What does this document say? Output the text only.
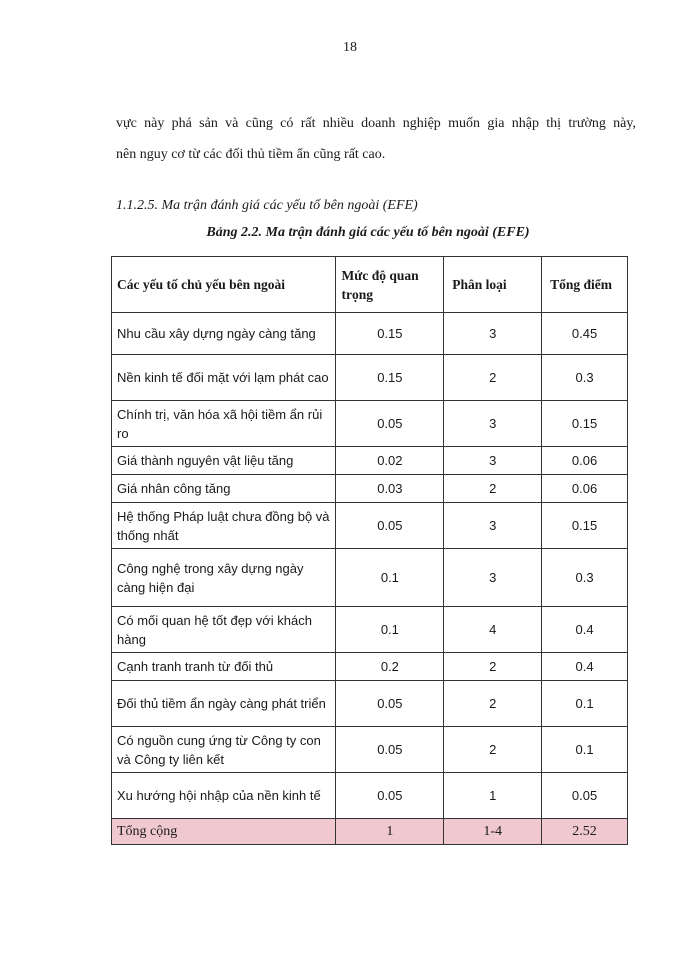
18

vực này phá sản và cũng có rất nhiều doanh nghiệp muốn gia nhập thị trường này,

nên nguy cơ từ các đối thủ tiềm ẩn cũng rất cao.

1.1.2.5. Ma trận đánh giá các yếu tố bên ngoài (EFE)
Bảng 2.2. Ma trận đánh giá các yếu tố bên ngoài (EFE)
Các yếu tố chủ yếu bên ngoài	Mức độ quan trọng	Phân loại	Tổng điểm
Nhu cầu xây dựng ngày càng tăng	0.15	3	0.45
Nền kinh tế đối mặt với lạm phát cao	0.15	2	0.3
Chính trị, văn hóa xã hội tiềm ẩn rủi ro	0.05	3	0.15
Giá thành nguyên vật liệu tăng	0.02	3	0.06
Giá nhân công tăng	0.03	2	0.06
Hệ thống Pháp luật chưa đồng bộ và thống nhất	0.05	3	0.15
Công nghệ trong xây dựng ngày càng hiện đại	0.1	3	0.3
Có mối quan hệ tốt đẹp với khách hàng	0.1	4	0.4
Cạnh tranh tranh từ đối thủ	0.2	2	0.4
Đối thủ tiềm ẩn ngày càng phát triển	0.05	2	0.1
Có nguồn cung ứng từ Công ty con và Công ty liên kết	0.05	2	0.1
Xu hướng hội nhập của nền kinh tế	0.05	1	0.05
Tổng cộng	1	1-4	2.52
